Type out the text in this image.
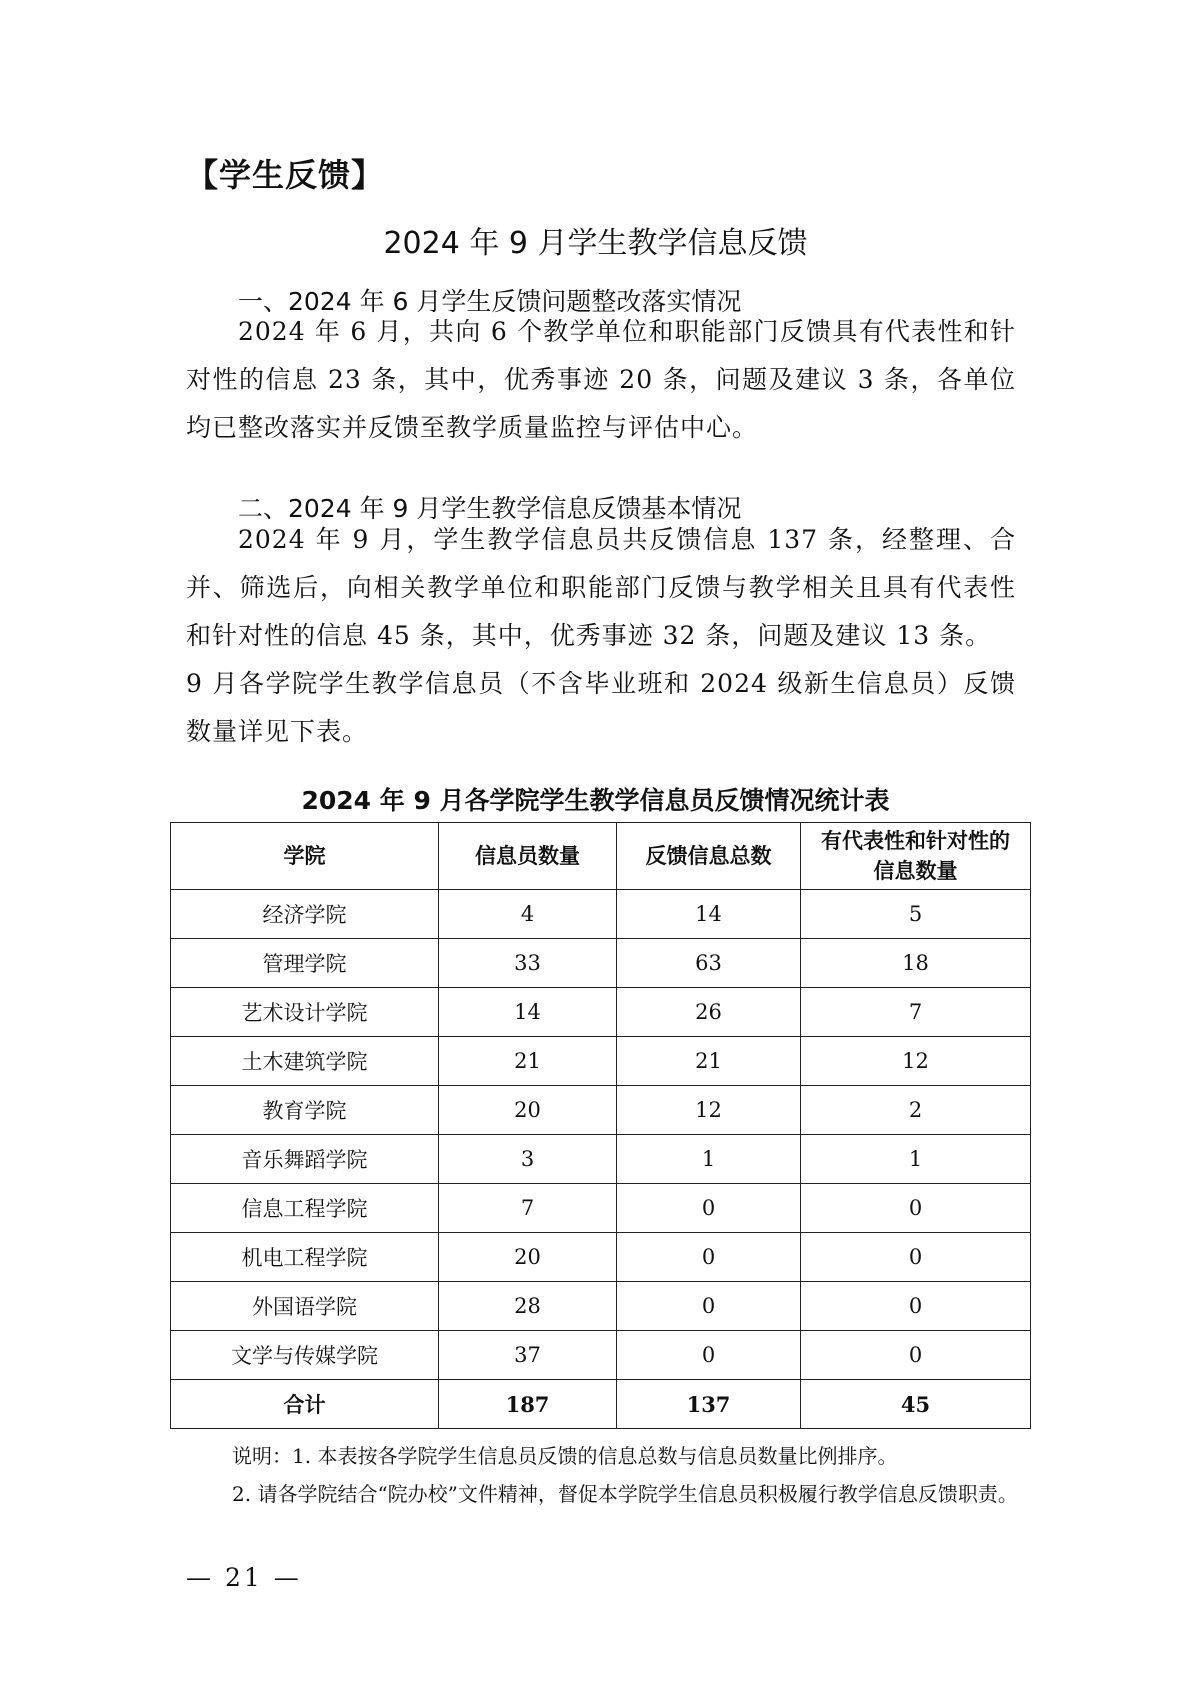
【学生反馈】
2024 年 9 月学生教学信息反馈
一、2024 年 6 月学生反馈问题整改落实情况

2024 年 6 月，共向 6 个教学单位和职能部门反馈具有代表性和针对性的信息 23 条，其中，优秀事迹 20 条，问题及建议 3 条，各单位均已整改落实并反馈至教学质量监控与评估中心。

二、2024 年 9 月学生教学信息反馈基本情况

2024 年 9 月，学生教学信息员共反馈信息 137 条，经整理、合并、筛选后，向相关教学单位和职能部门反馈与教学相关且具有代表性和针对性的信息 45 条，其中，优秀事迹 32 条，问题及建议 13 条。

9 月各学院学生教学信息员（不含毕业班和 2024 级新生信息员）反馈数量详见下表。

2024 年 9 月各学院学生教学信息员反馈情况统计表
学院	信息员数量	反馈信息总数	有代表性和针对性的信息数量
经济学院	4	14	5
管理学院	33	63	18
艺术设计学院	14	26	7
土木建筑学院	21	21	12
教育学院	20	12	2
音乐舞蹈学院	3	1	1
信息工程学院	7	0	0
机电工程学院	20	0	0
外国语学院	28	0	0
文学与传媒学院	37	0	0
合计	187	137	45
说明：1. 本表按各学院学生信息员反馈的信息总数与信息员数量比例排序。

2. 请各学院结合“院办校”文件精神，督促本学院学生信息员积极履行教学信息反馈职责。

— 21 —
